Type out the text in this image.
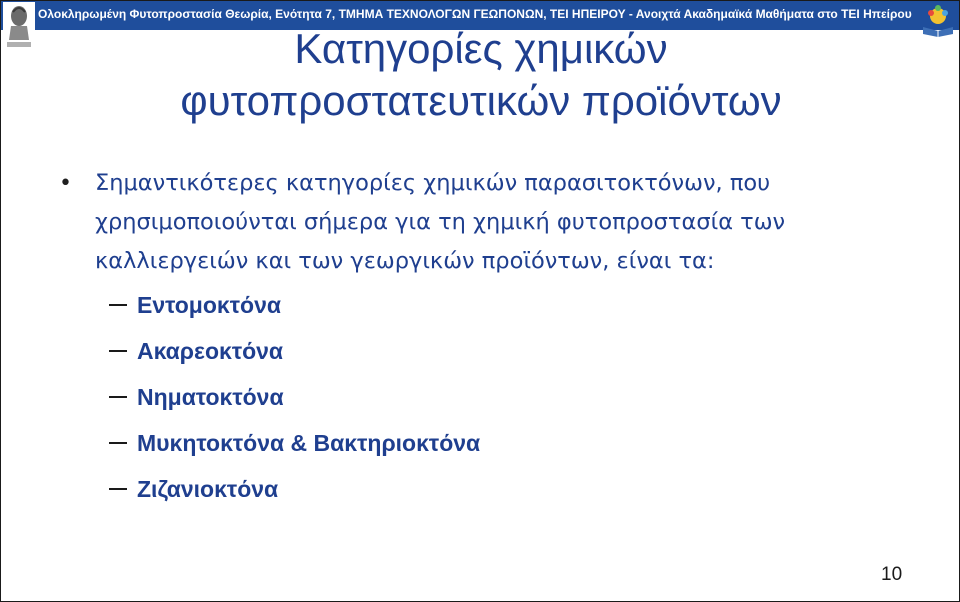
Ολοκληρωμένη Φυτοπροστασία Θεωρία, Ενότητα 7, ΤΜΗΜΑ ΤΕΧΝΟΛΟΓΩΝ ΓΕΩΠΟΝΩΝ, ΤΕΙ ΗΠΕΙΡΟΥ - Ανοιχτά Ακαδημαϊκά Μαθήματα στο ΤΕΙ Ηπείρου
Κατηγορίες χημικών
φυτοπροστατευτικών προϊόντων
• Σημαντικότερες κατηγορίες χημικών παρασιτοκτόνων, που
χρησιμοποιούνται σήμερα για τη χημική φυτοπροστασία των
καλλιεργειών και των γεωργικών προϊόντων, είναι τα:
Εντομοκτόνα
Ακαρεοκτόνα
Νηματοκτόνα
Μυκητοκτόνα & Βακτηριοκτόνα
Ζιζανιοκτόνα
10
